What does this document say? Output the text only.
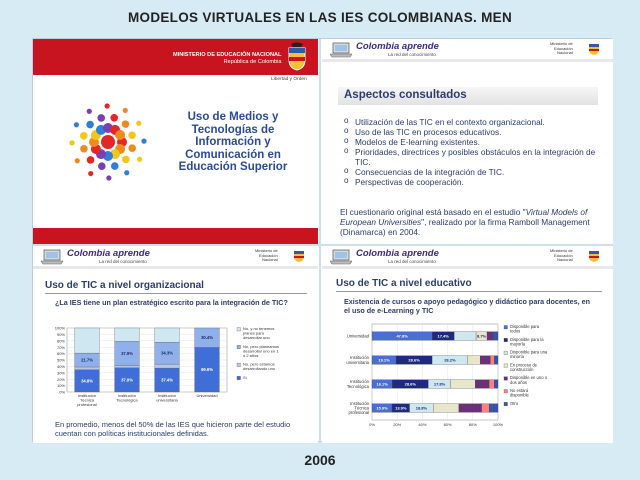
MODELOS VIRTUALES EN LAS IES COLOMBIANAS. MEN
MINISTERIO DE EDUCACIÓN NACIONAL
República de Colombia
Libertad y Orden
Uso de Medios y
Tecnologías de
Información y
Comunicación en
Educación Superior
Colombia aprende
La red del conocimiento
Ministerio de
Educación
Nacional
Aspectos consultados
o Utilización de las TIC en el contexto organizacional.
o Uso de las TIC en procesos educativos.
o Modelos de E-learning existentes.
o Prioridades, directrices y posibles obstáculos en la integración de TIC.
o Consecuencias de la integración de TIC.
o Perspectivas de cooperación.
El cuestionario original está basado en el estudio "Virtual Models of European Universities", realizado por la firma Ramboll Management (Dinamarca) en 2004.
Colombia aprende
La red del conocimiento
Ministerio de
Educación
Nacional
Uso de TIC a nivel organizacional
¿La IES tiene un plan estratégico escrito para la integración de TIC?
0%
10%
20%
30%
40%
50%
60%
70%
80%
90%
100%
34.8%
21.7%
Institución
Técnica
profesional
37.9%
37.9%
Institución
Tecnológica
37.4%
34.3%
Institución
universitaria
69.6%
30.4%
Universidad
No, y no tenemos
planes para
desarrollar uno
No, pero planeamos
desarrollar uno en 1
ó 2 años
No, pero estamos
desarrollando uno
Sí
En promedio, menos del 50% de las IES que hicieron parte del estudio cuentan con políticas institucionales definidas.
Colombia aprende
La red del conocimiento
Ministerio de
Educación
Nacional
Uso de TIC a nivel educativo
Existencia de cursos o apoyo pedagógico y didáctico para docentes, en el uso de e-Learning y TIC
0%	20%	40%	60%	80%	100%
47.8%	17.4%	8.7%
Universidad
19.1%	28.6%	28.2%
Institución
universitaria
16.1%	28.6%	17.8%
Institución
Tecnológica
15.9% 13.9% 18.8%
Institución
Técnica
profesional
Disponible para
todos
Disponible para la
mayoría
Disponible para una
minoría
En proceso de
construcción
Disponible en uno o
dos años
No estará
disponible
Otro
2006
